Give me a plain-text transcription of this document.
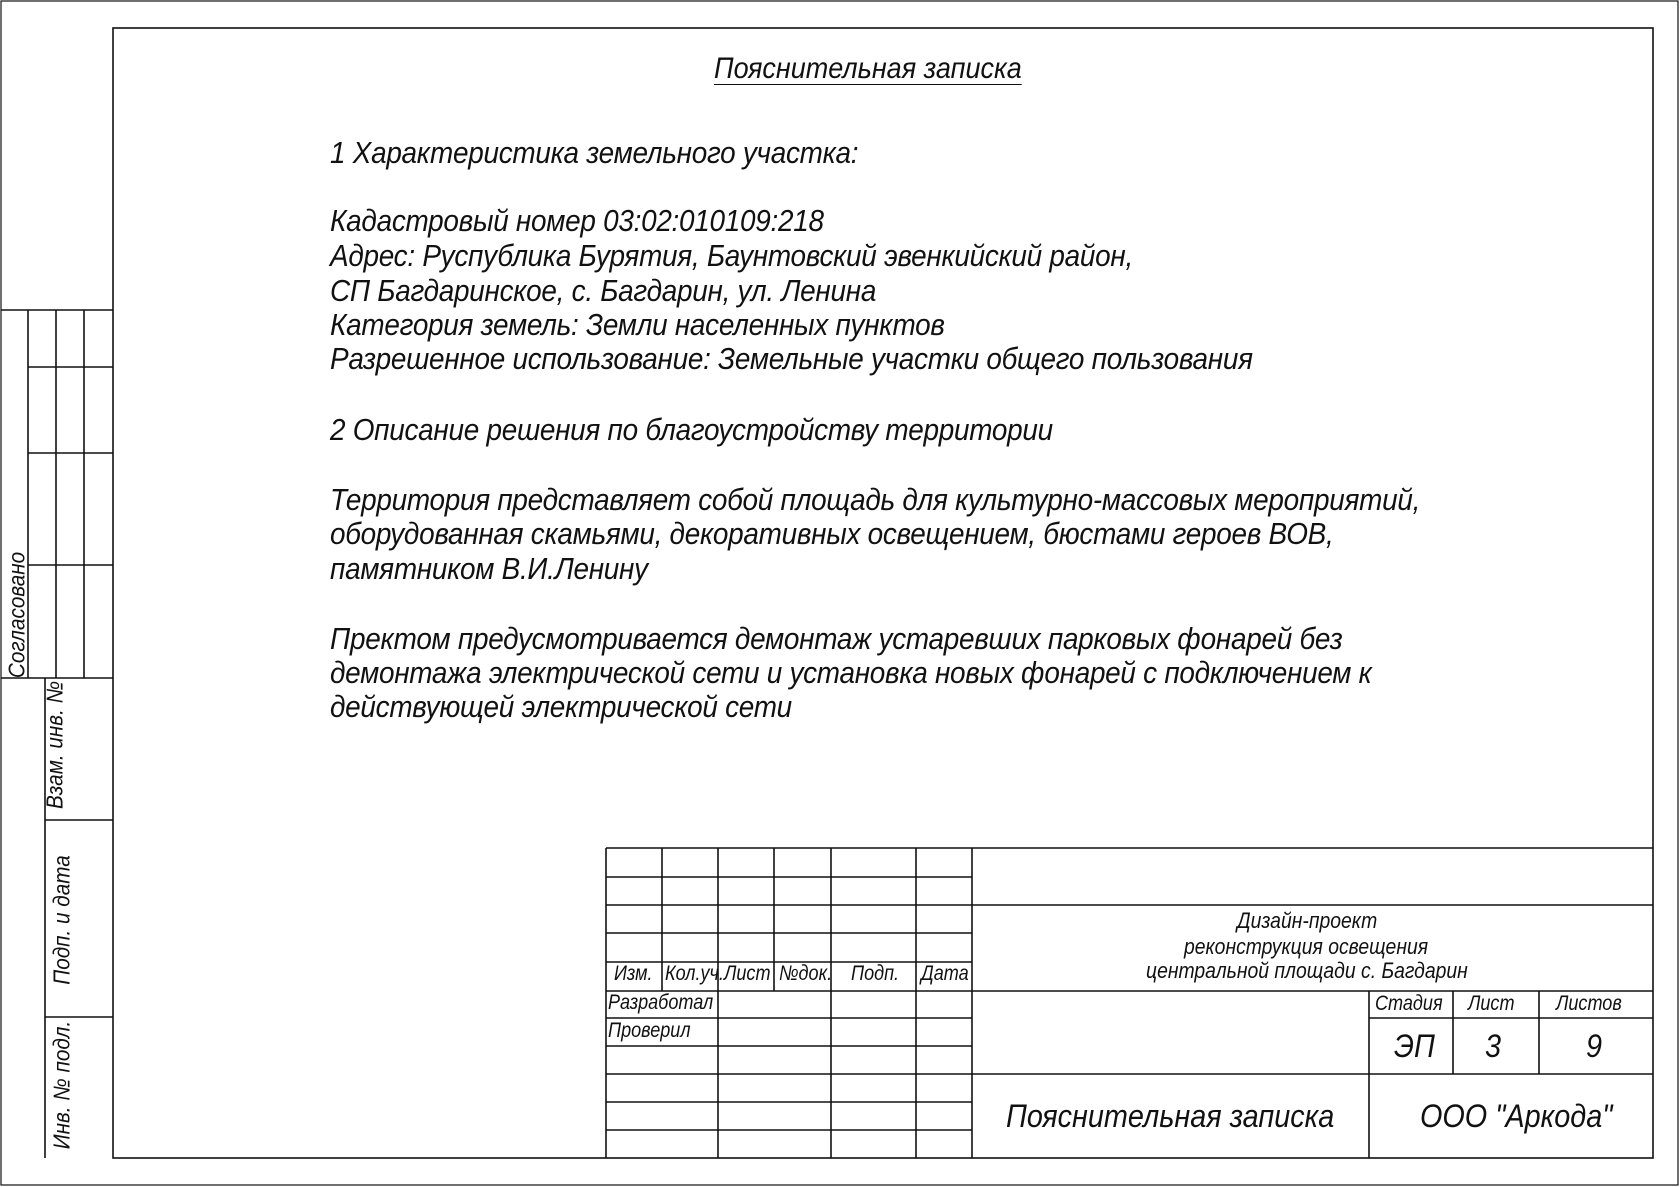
Согласовано
Взам. инв. №
Подп. и дата
Инв. № подл.
Пояснительная записка
1 Характеристика земельного участка:
Кадастровый номер 03:02:010109:218
Адрес: Руспублика Бурятия, Баунтовский эвенкийский район,
СП Багдаринское, с. Багдарин, ул. Ленина
Категория земель: Земли населенных пунктов
Разрешенное использование: Земельные участки общего пользования
2 Описание решения по благоустройству территории
Территория представляет собой площадь для культурно-массовых мероприятий,
оборудованная скамьями, декоративных освещением, бюстами героев ВОВ,
памятником В.И.Ленину
Пректом предусмотривается демонтаж устаревших парковых фонарей без
демонтажа электрической сети и установка новых фонарей с подключением к
действующей электрической сети
Изм. Кол.уч. Лист №док. Подп. Дата
Разработал
Проверил
Дизайн-проект
реконструкция освещения
центральной площади с. Багдарин
Стадия Лист Листов
ЭП 3	9
Пояснительная записка	ООО "Аркода"
